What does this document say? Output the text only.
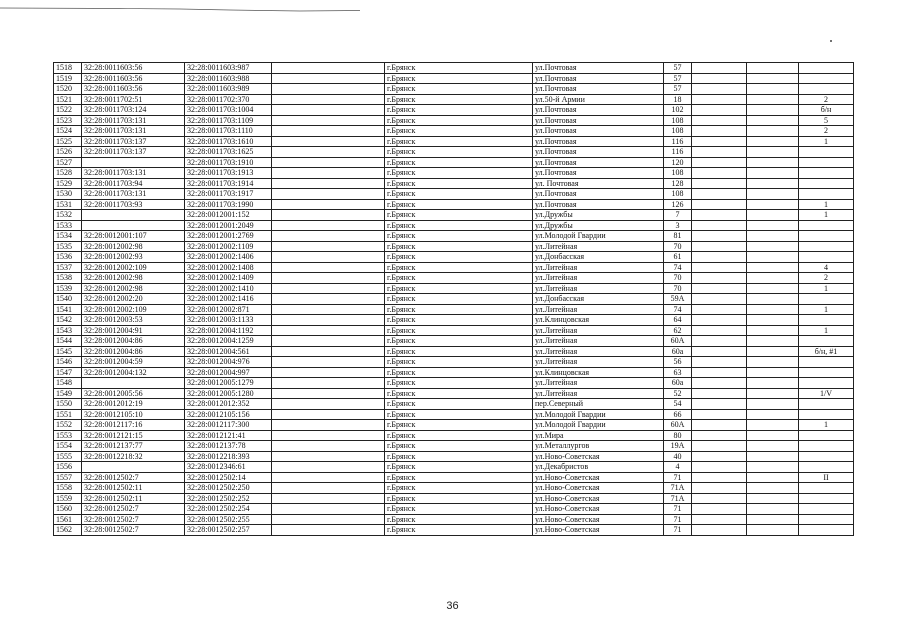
1518	32:28:0011603:56	32:28:0011603:987		г.Брянск	ул.Почтовая	57			
1519	32:28:0011603:56	32:28:0011603:988		г.Брянск	ул.Почтовая	57			
1520	32:28:0011603:56	32:28:0011603:989		г.Брянск	ул.Почтовая	57			
1521	32:28:0011702:51	32:28:0011702:370		г.Брянск	ул.50-й Армии	18			2
1522	32:28:0011703:124	32:28:0011703:1004		г.Брянск	ул.Почтовая	102			б/н
1523	32:28:0011703:131	32:28:0011703:1109		г.Брянск	ул.Почтовая	108			5
1524	32:28:0011703:131	32:28:0011703:1110		г.Брянск	ул.Почтовая	108			2
1525	32:28:0011703:137	32:28:0011703:1610		г.Брянск	ул.Почтовая	116			1
1526	32:28:0011703:137	32:28:0011703:1625		г.Брянск	ул.Почтовая	116			
1527		32:28:0011703:1910		г.Брянск	ул.Почтовая	120			
1528	32:28:0011703:131	32:28:0011703:1913		г.Брянск	ул.Почтовая	108			
1529	32:28:0011703:94	32:28:0011703:1914		г.Брянск	ул. Почтовая	128			
1530	32:28:0011703:131	32:28:0011703:1917		г.Брянск	ул.Почтовая	108			
1531	32:28:0011703:93	32:28:0011703:1990		г.Брянск	ул.Почтовая	126			1
1532		32:28:0012001:152		г.Брянск	ул.Дружбы	7			1
1533		32:28:0012001:2049		г.Брянск	ул.Дружбы	3			
1534	32:28:0012001:107	32:28:0012001:2769		г.Брянск	ул.Молодой Гвардии	81			
1535	32:28:0012002:98	32:28:0012002:1109		г.Брянск	ул.Литейная	70			
1536	32:28:0012002:93	32:28:0012002:1406		г.Брянск	ул.Донбасская	61			
1537	32:28:0012002:109	32:28:0012002:1408		г.Брянск	ул.Литейная	74			4
1538	32:28:0012002:98	32:28:0012002:1409		г.Брянск	ул.Литейная	70			2
1539	32:28:0012002:98	32:28:0012002:1410		г.Брянск	ул.Литейная	70			1
1540	32:28:0012002:20	32:28:0012002:1416		г.Брянск	ул.Донбасская	59А			
1541	32:28:0012002:109	32:28:0012002:871		г.Брянск	ул.Литейная	74			1
1542	32:28:0012003:53	32:28:0012003:1133		г.Брянск	ул.Клинцовская	64			
1543	32:28:0012004:91	32:28:0012004:1192		г.Брянск	ул.Литейная	62			1
1544	32:28:0012004:86	32:28:0012004:1259		г.Брянск	ул.Литейная	60А			
1545	32:28:0012004:86	32:28:0012004:561		г.Брянск	ул.Литейная	60а			б/н, #1
1546	32:28:0012004:59	32:28:0012004:976		г.Брянск	ул.Литейная	56			
1547	32:28:0012004:132	32:28:0012004:997		г.Брянск	ул.Клинцовская	63			
1548		32:28:0012005:1279		г.Брянск	ул.Литейная	60а			
1549	32:28:0012005:56	32:28:0012005:1280		г.Брянск	ул.Литейная	52			1/V
1550	32:28:0012012:19	32:28:0012012:352		г.Брянск	пер.Северный	54			
1551	32:28:0012105:10	32:28:0012105:156		г.Брянск	ул.Молодой Гвардии	66			
1552	32:28:0012117:16	32:28:0012117:300		г.Брянск	ул.Молодой Гвардии	60А			1
1553	32:28:0012121:15	32:28:0012121:41		г.Брянск	ул.Мира	80			
1554	32:28:0012137:77	32:28:0012137:78		г.Брянск	ул.Металлургов	19А			
1555	32:28:0012218:32	32:28:0012218:393		г.Брянск	ул.Ново-Советская	40			
1556		32:28:0012346:61		г.Брянск	ул.Декабристов	4			
1557	32:28:0012502:7	32:28:0012502:14		г.Брянск	ул.Ново-Советская	71			II
1558	32:28:0012502:11	32:28:0012502:250		г.Брянск	ул.Ново-Советская	71А			
1559	32:28:0012502:11	32:28:0012502:252		г.Брянск	ул.Ново-Советская	71А			
1560	32:28:0012502:7	32:28:0012502:254		г.Брянск	ул.Ново-Советская	71			
1561	32:28:0012502:7	32:28:0012502:255		г.Брянск	ул.Ново-Советская	71			
1562	32:28:0012502:7	32:28:0012502:257		г.Брянск	ул.Ново-Советская	71			
36
